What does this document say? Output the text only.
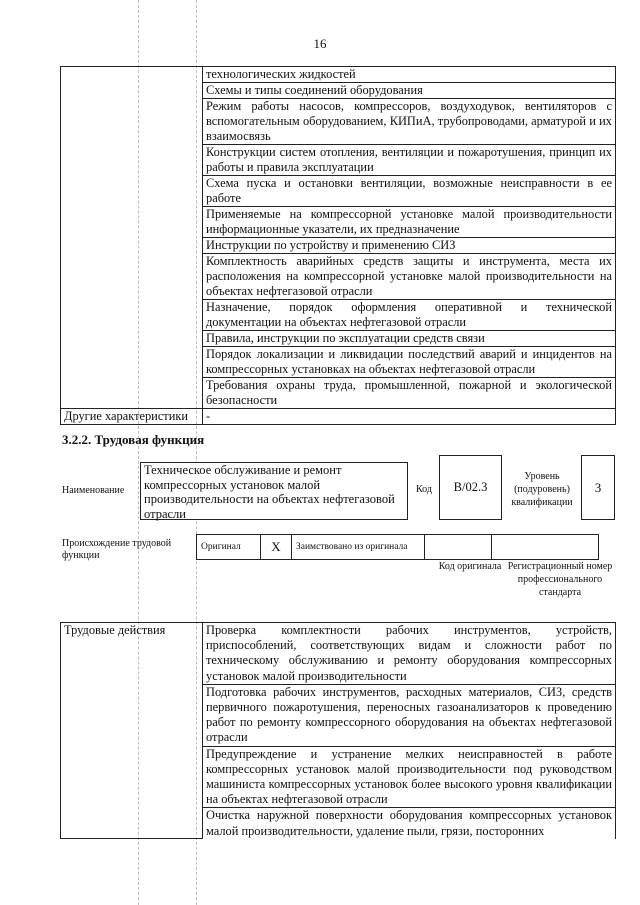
16
	технологических жидкостей
	Схемы и типы соединений оборудования
	Режим работы насосов, компрессоров, воздуходувок, вентиляторов с вспомогательным оборудованием, КИПиА, трубопроводами, арматурой и их взаимосвязь
	Конструкции систем отопления, вентиляции и пожаротушения, принцип их работы и правила эксплуатации
	Схема пуска и остановки вентиляции, возможные неисправности в ее работе
	Применяемые на компрессорной установке малой производительности информационные указатели, их предназначение
	Инструкции по устройству и применению СИЗ
	Комплектность аварийных средств защиты и инструмента, места их расположения на компрессорной установке малой производительности на объектах нефтегазовой отрасли
	Назначение, порядок оформления оперативной и технической документации на объектах нефтегазовой отрасли
	Правила, инструкции по эксплуатации средств связи
	Порядок локализации и ликвидации последствий аварий и инцидентов на компрессорных установках на объектах нефтегазовой отрасли
	Требования охраны труда, промышленной, пожарной и экологической безопасности
Другие характеристики	-
3.2.2. Трудовая функция
Наименование
Техническое обслуживание и ремонт компрессорных установок малой производительности на объектах нефтегазовой отрасли
Код	В/02.3
Уровень (подуровень) квалификации
3
Происхождение трудовой функции
Оригинал	X	Заимствовано из оригинала		
Код оригинала Регистрационный номер профессионального стандарта
Трудовые действия	Проверка комплектности рабочих инструментов, устройств, приспособлений, соответствующих видам и сложности работ по техническому обслуживанию и ремонту оборудования компрессорных установок малой производительности
Подготовка рабочих инструментов, расходных материалов, СИЗ, средств первичного пожаротушения, переносных газоанализаторов к проведению работ по ремонту компрессорного оборудования на объектах нефтегазовой отрасли
Предупреждение и устранение мелких неисправностей в работе компрессорных установок малой производительности под руководством машиниста компрессорных установок более высокого уровня квалификации на объектах нефтегазовой отрасли
Очистка наружной поверхности оборудования компрессорных установок малой производительности, удаление пыли, грязи, посторонних
